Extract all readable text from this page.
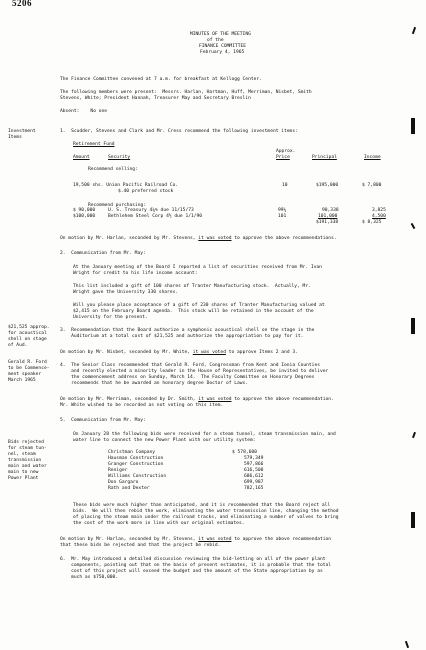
5206
MINUTES OF THE MEETING
of the
FINANCE COMMITTEE
February 4, 1965
The Finance Committee convened at 7 a.m. for breakfast at Kellogg Center.
The following members were present:  Messrs. Harlan, Hartman, Huff, Merriman, Nisbet, Smith
Stevens, White; President Hannah, Treasurer May and Secretary Breslin
Absent:    No one
Investment
Items
$21,525 approp.
for acoustical
shell on stage
of Aud.
Gerald R. Ford
to be Commence-
ment speaker
March 1965
Bids rejected
for steam tun-
nel, steam
transmission
main and water
main to new
Power Plant
1.  Scudder, Stevens and Clark and Mr. Cress recommend the following investment items:
Retirement Fund
Approx.
Amount	Security	Price	Principal	Income
Recommend selling:
19,500 shs. Union Pacific Railroad Co.	10	$195,000	$ 7,800
$.40 preferred stock
Recommend purchasing:
$ 90,000	U. S. Treasury 4⅛% due 11/15/73	99¼	90,338	3,825
$100,000	Bethlehem Steel Corp 4½ due 1/1/90	101	101,000	4,500
$191,338	$ 8,325
On motion by Mr. Harlan, seconded by Mr. Stevens, it was voted to approve the above recommendations.
2.  Communication from Mr. May:
At the January meeting of the Board I reported a list of securities received from Mr. Ivan
Wright for credit to his life income account:
This list included a gift of 100 shares of Tranter Manufacturing stock.  Actually, Mr.
Wright gave the University 330 shares.
Will you please place acceptance of a gift of 230 shares of Tranter Manufacturing valued at
$2,415 on the February Board agenda.  This stock will be retained in the account of the
University for the present.
3.  Recommendation that the Board authorize a symphonic acoustical shell on the stage in the
Auditorium at a total cost of $21,525 and authorize the appropriation to pay for it.
On motion by Mr. Nisbet, seconded by Mr. White, it was voted to approve Items 2 and 3.
4.  The Senior Class recommended that Gerald R. Ford, Congressman from Kent and Ionia Counties
and recently elected a minority leader in the House of Representatives, be invited to deliver
the commencement address on Sunday, March 14.  The Faculty Committee on Honorary Degrees
recommends that he be awarded an honorary degree Doctor of Laws.
On motion by Mr. Merriman, seconded by Dr. Smith, it was voted to approve the above recommendation.
Mr. White wished to be recorded as not voting on this item.
5.  Communication from Mr. May:
On January 28 the following bids were received for a steam tunnel, steam transmission main, and
water line to connect the new Power Plant with our utility system:
Christman Company	$ 578,600
Hausman Construction	579,349
Granger Construction	597,866
Reniger	616,500
Williams Construction	686,612
Don Gargaro	699,987
Rath and Dexter	782,165
These bids were much higher than anticipated, and it is recommended that the Board reject all
bids.  We will then rebid the work, eliminating the water transmission line, changing the method
of placing the steam main under the railroad tracks, and eliminating a number of valves to bring
the cost of the work more in line with our original estimates.
On motion by Mr. Harlan, seconded by Mr. Stevens, it was voted to approve the above recommendation
that these bids be rejected and that the project be rebid.
6.  Mr. May introduced a detailed discussion reviewing the bid-letting on all of the power plant
components, pointing out that on the basis of present estimates, it is probable that the total
cost of this project will exceed the budget and the amount of the State appropriation by as
much as $750,000.
